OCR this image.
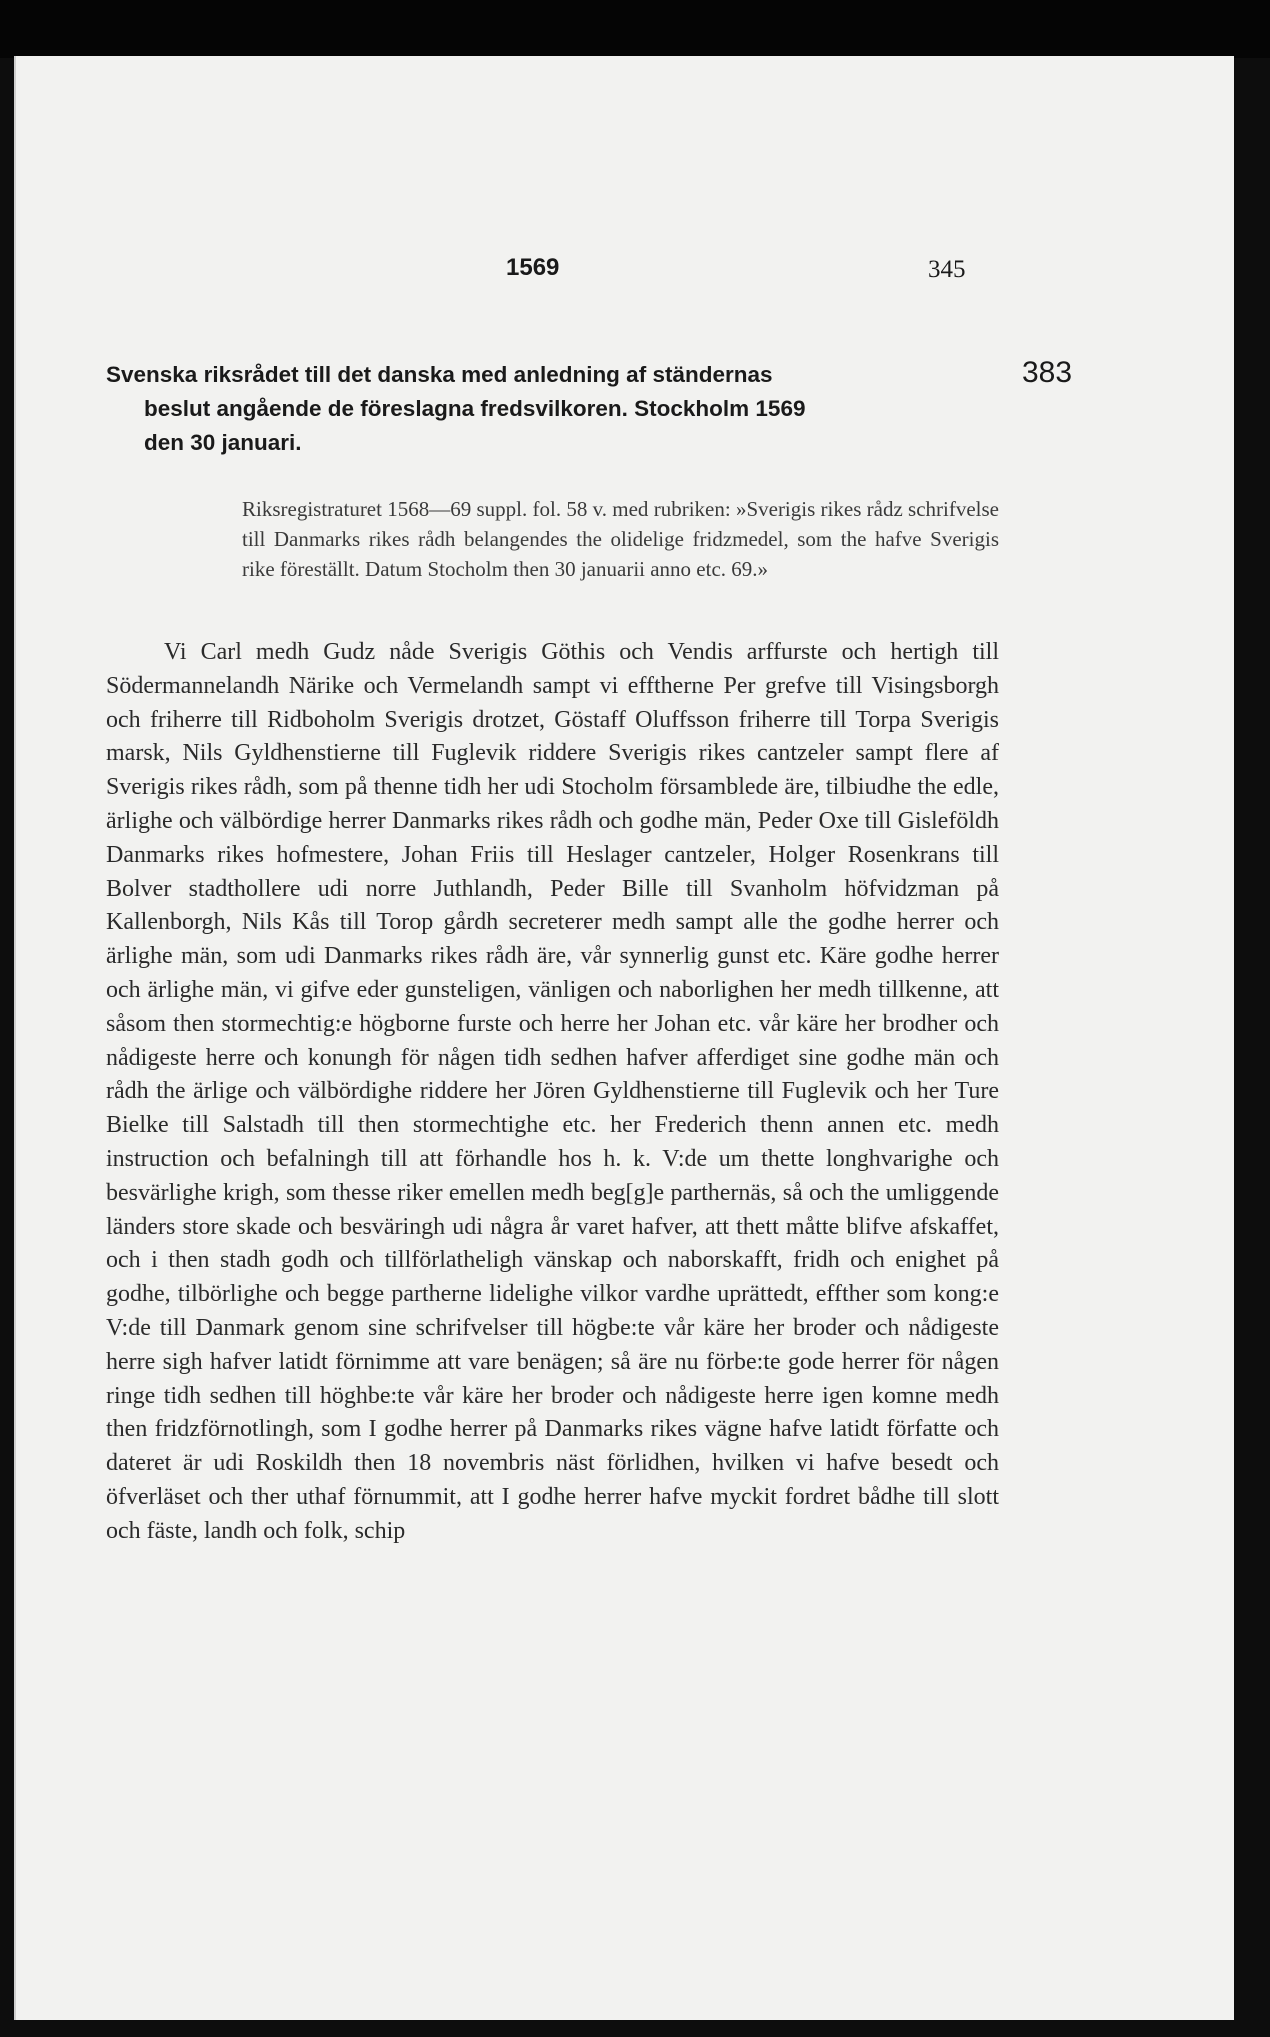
1569	345

383

Svenska riksrådet till det danska med anledning af ständernas
beslut angående de föreslagna fredsvilkoren. Stockholm 1569
den 30 januari.

Riksregistraturet 1568—69 suppl. fol. 58 v. med rubriken: »Sverigis rikes rådz schrifvelse till Danmarks rikes rådh belangendes the olidelige fridzmedel, som the hafve Sverigis rike föreställt. Datum Stocholm then 30 januarii anno etc. 69.»

Vi Carl medh Gudz nåde Sverigis Göthis och Vendis arffurste och hertigh till Södermannelandh Närike och Vermelandh sampt vi efftherne Per grefve till Visingsborgh och friherre till Ridboholm Sverigis drotzet, Göstaff Oluffsson friherre till Torpa Sverigis marsk, Nils Gyldhenstierne till Fuglevik riddere Sverigis rikes cantzeler sampt flere af Sverigis rikes rådh, som på thenne tidh her udi Stocholm församblede äre, tilbiudhe the edle, ärlighe och välbördige herrer Danmarks rikes rådh och godhe män, Peder Oxe till Gisleföldh Danmarks rikes hofmestere, Johan Friis till Heslager cantzeler, Holger Rosenkrans till Bolver stadthollere udi norre Juthlandh, Peder Bille till Svanholm höfvidzman på Kallenborgh, Nils Kås till Torop gårdh secreterer medh sampt alle the godhe herrer och ärlighe män, som udi Danmarks rikes rådh äre, vår synnerlig gunst etc. Käre godhe herrer och ärlighe män, vi gifve eder gunsteligen, vänligen och naborlighen her medh tillkenne, att såsom then stormechtig:e högborne furste och herre her Johan etc. vår käre her brodher och nådigeste herre och konungh för någen tidh sedhen hafver afferdiget sine godhe män och rådh the ärlige och välbördighe riddere her Jören Gyldhenstierne till Fuglevik och her Ture Bielke till Salstadh till then stormechtighe etc. her Frederich thenn annen etc. medh instruction och befalningh till att förhandle hos h. k. V:de um thette longhvarighe och besvärlighe krigh, som thesse riker emellen medh beg[g]e parthernäs, så och the umliggende länders store skade och besväringh udi några år varet hafver, att thett måtte blifve afskaffet, och i then stadh godh och tillförlatheligh vänskap och naborskafft, fridh och enighet på godhe, tilbörlighe och begge partherne lidelighe vilkor vardhe uprättedt, effther som kong:e V:de till Danmark genom sine schrifvelser till högbe:te vår käre her broder och nådigeste herre sigh hafver latidt förnimme att vare benägen; så äre nu förbe:te gode herrer för någen ringe tidh sedhen till höghbe:te vår käre her broder och nådigeste herre igen komne medh then fridzförnotlingh, som I godhe herrer på Danmarks rikes vägne hafve latidt författe och dateret är udi Roskildh then 18 novembris näst förlidhen, hvilken vi hafve besedt och öfverläset och ther uthaf förnummit, att I godhe herrer hafve myckit fordret bådhe till slott och fäste, landh och folk, schip
